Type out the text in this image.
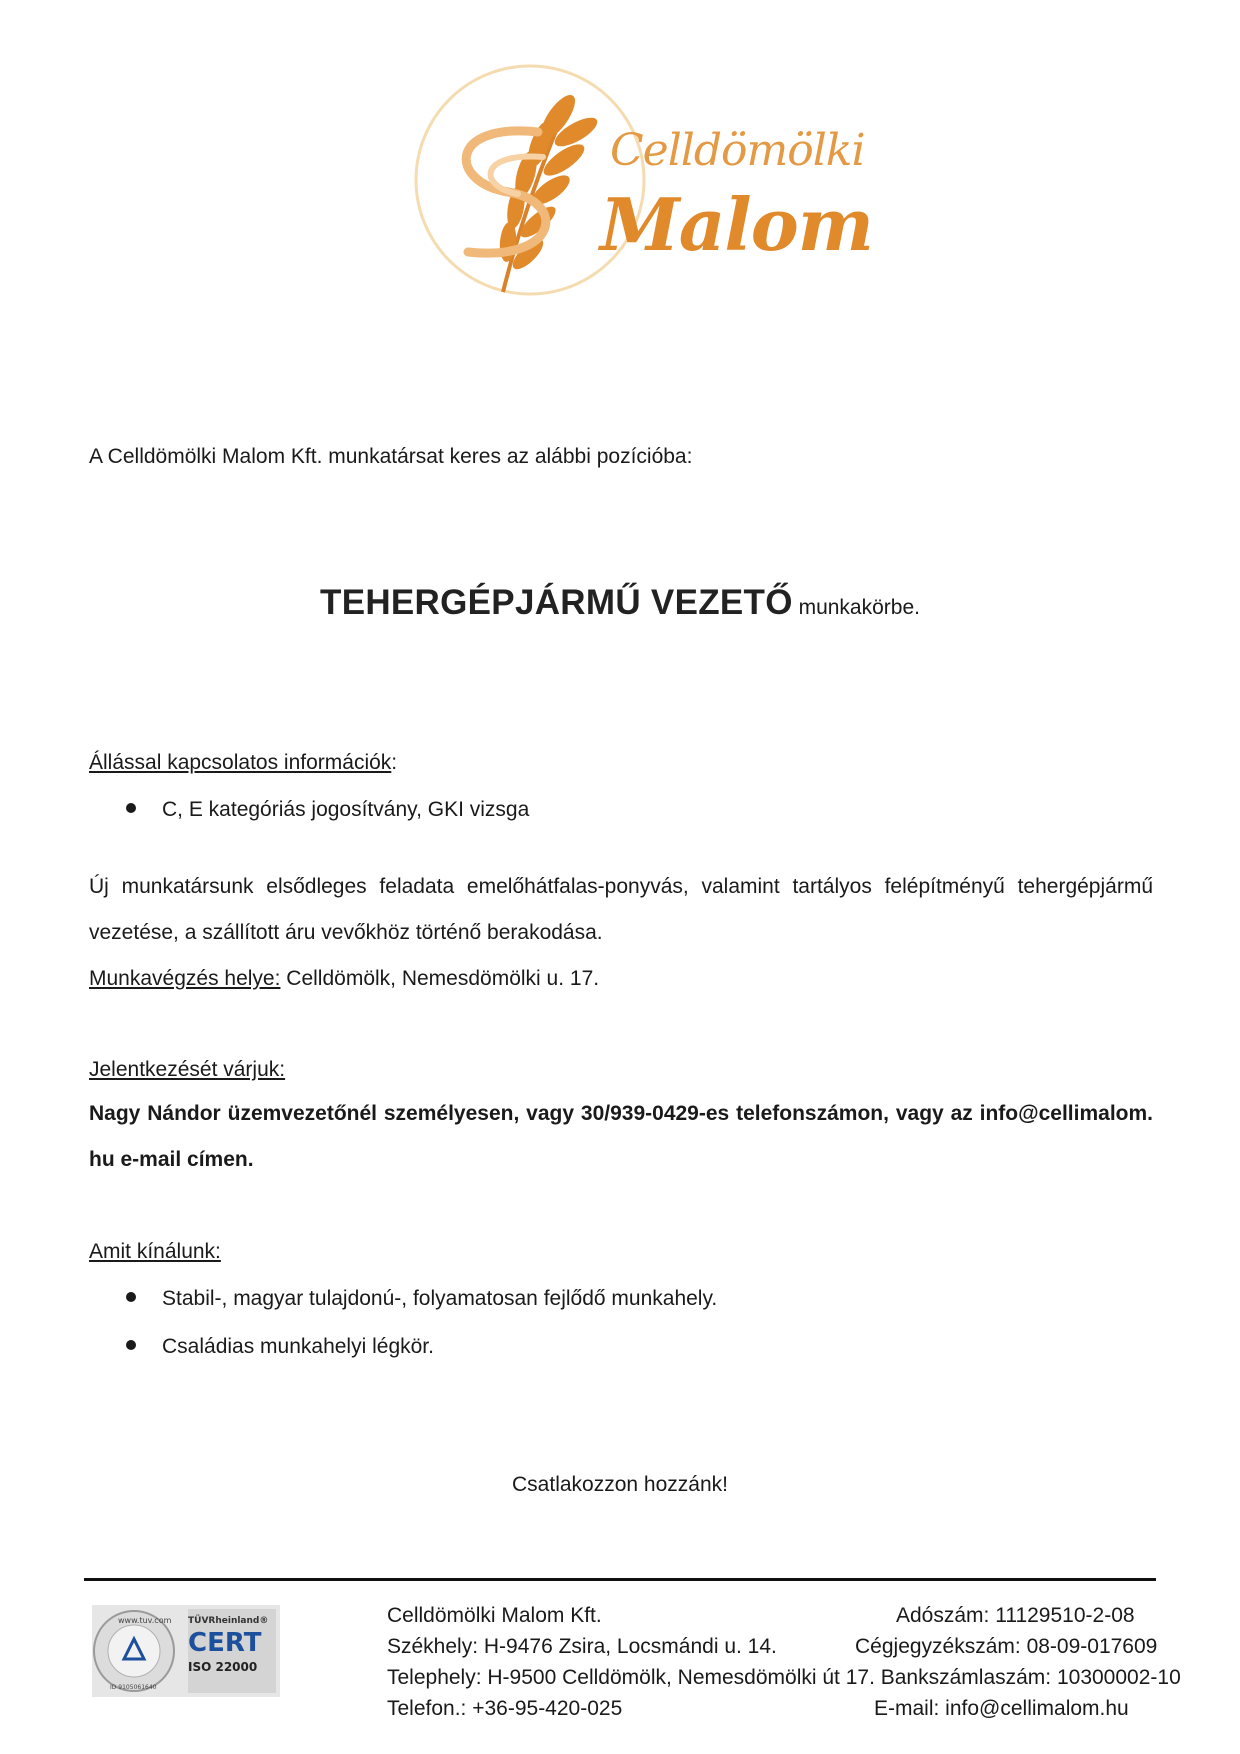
Celldömölki
Malom
A Celldömölki Malom Kft. munkatársat keres az alábbi pozícióba:
TEHERGÉPJÁRMŰ VEZETŐ munkakörbe.
Állással kapcsolatos információk:
C, E kategóriás jogosítvány, GKI vizsga
Új munkatársunk elsődleges feladata emelőhátfalas-ponyvás, valamint tartályos felépítményű tehergépjármű vezetése, a szállított áru vevőkhöz történő berakodása.
Munkavégzés helye: Celldömölk, Nemesdömölki u. 17.
Jelentkezését várjuk:
Nagy Nándor üzemvezetőnél személyesen, vagy 30/939-0429-es telefonszámon, vagy az info@cellimalom. hu e-mail címen.
Amit kínálunk:
Stabil-, magyar tulajdonú-, folyamatosan fejlődő munkahely.
Családias munkahelyi légkör.
Csatlakozzon hozzánk!
www.tuv.com
ID 9105061640
TÜVRheinland®
CERT
ISO 22000
Celldömölki Malom Kft.	Adószám: 11129510-2-08
Székhely: H-9476 Zsira, Locsmándi u. 14.	Cégjegyzékszám: 08-09-017609
Telephely: H-9500 Celldömölk, Nemesdömölki út 17. Bankszámlaszám: 10300002-10
Telefon.: +36-95-420-025	E-mail: info@cellimalom.hu
